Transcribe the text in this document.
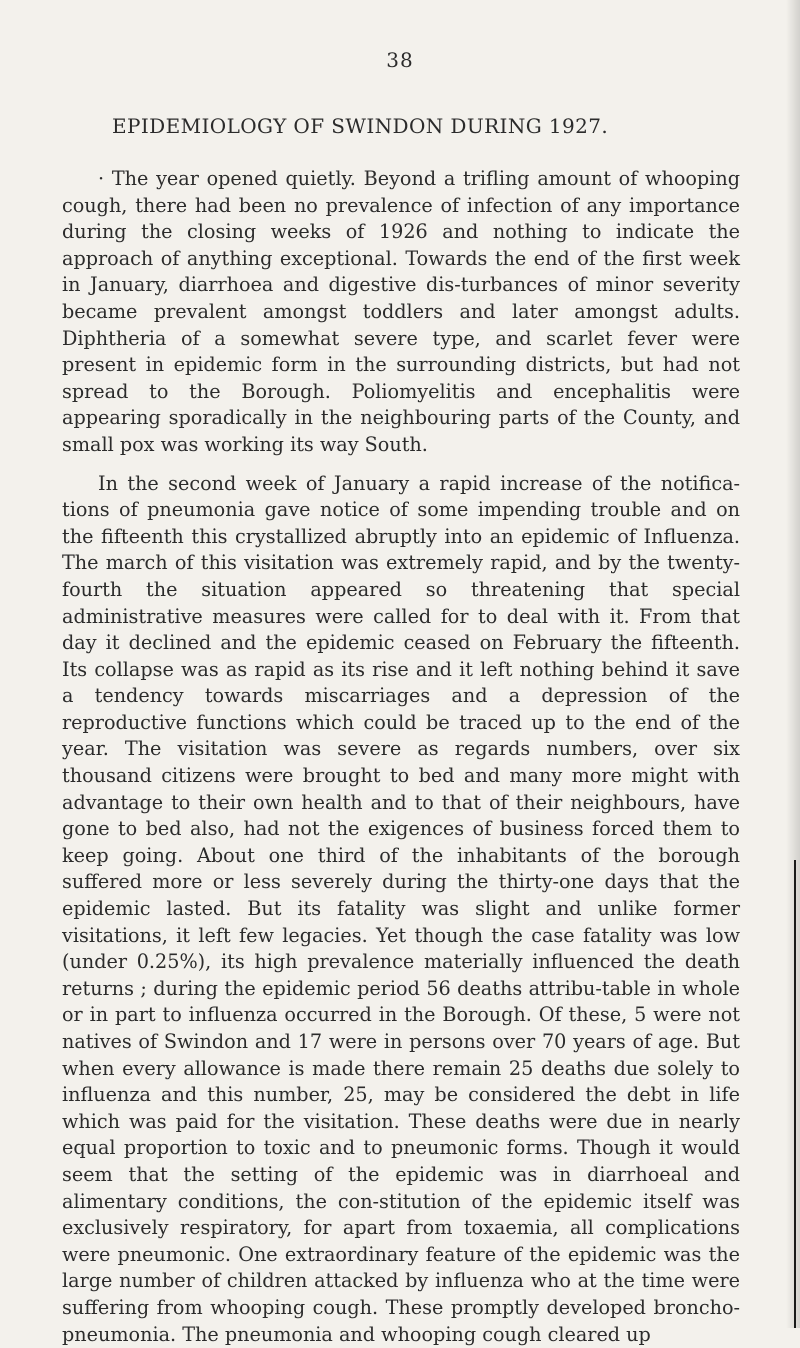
38
EPIDEMIOLOGY OF SWINDON DURING 1927.

· The year opened quietly. Beyond a trifling amount of whooping cough, there had been no prevalence of infection of any importance during the closing weeks of 1926 and nothing to indicate the approach of anything exceptional. Towards the end of the first week in January, diarrhoea and digestive dis-turbances of minor severity became prevalent amongst toddlers and later amongst adults. Diphtheria of a somewhat severe type, and scarlet fever were present in epidemic form in the surrounding districts, but had not spread to the Borough. Poliomyelitis and encephalitis were appearing sporadically in the neighbouring parts of the County, and small pox was working its way South.

In the second week of January a rapid increase of the notifica-tions of pneumonia gave notice of some impending trouble and on the fifteenth this crystallized abruptly into an epidemic of Influenza. The march of this visitation was extremely rapid, and by the twenty-fourth the situation appeared so threatening that special administrative measures were called for to deal with it. From that day it declined and the epidemic ceased on February the fifteenth. Its collapse was as rapid as its rise and it left nothing behind it save a tendency towards miscarriages and a depression of the reproductive functions which could be traced up to the end of the year. The visitation was severe as regards numbers, over six thousand citizens were brought to bed and many more might with advantage to their own health and to that of their neighbours, have gone to bed also, had not the exigences of business forced them to keep going. About one third of the inhabitants of the borough suffered more or less severely during the thirty-one days that the epidemic lasted. But its fatality was slight and unlike former visitations, it left few legacies. Yet though the case fatality was low (under 0.25%), its high prevalence materially influenced the death returns ; during the epidemic period 56 deaths attribu-table in whole or in part to influenza occurred in the Borough. Of these, 5 were not natives of Swindon and 17 were in persons over 70 years of age. But when every allowance is made there remain 25 deaths due solely to influenza and this number, 25, may be considered the debt in life which was paid for the visitation. These deaths were due in nearly equal proportion to toxic and to pneumonic forms. Though it would seem that the setting of the epidemic was in diarrhoeal and alimentary conditions, the con-stitution of the epidemic itself was exclusively respiratory, for apart from toxaemia, all complications were pneumonic. One extraordinary feature of the epidemic was the large number of children attacked by influenza who at the time were suffering from whooping cough. These promptly developed broncho-pneumonia. The pneumonia and whooping cough cleared up
